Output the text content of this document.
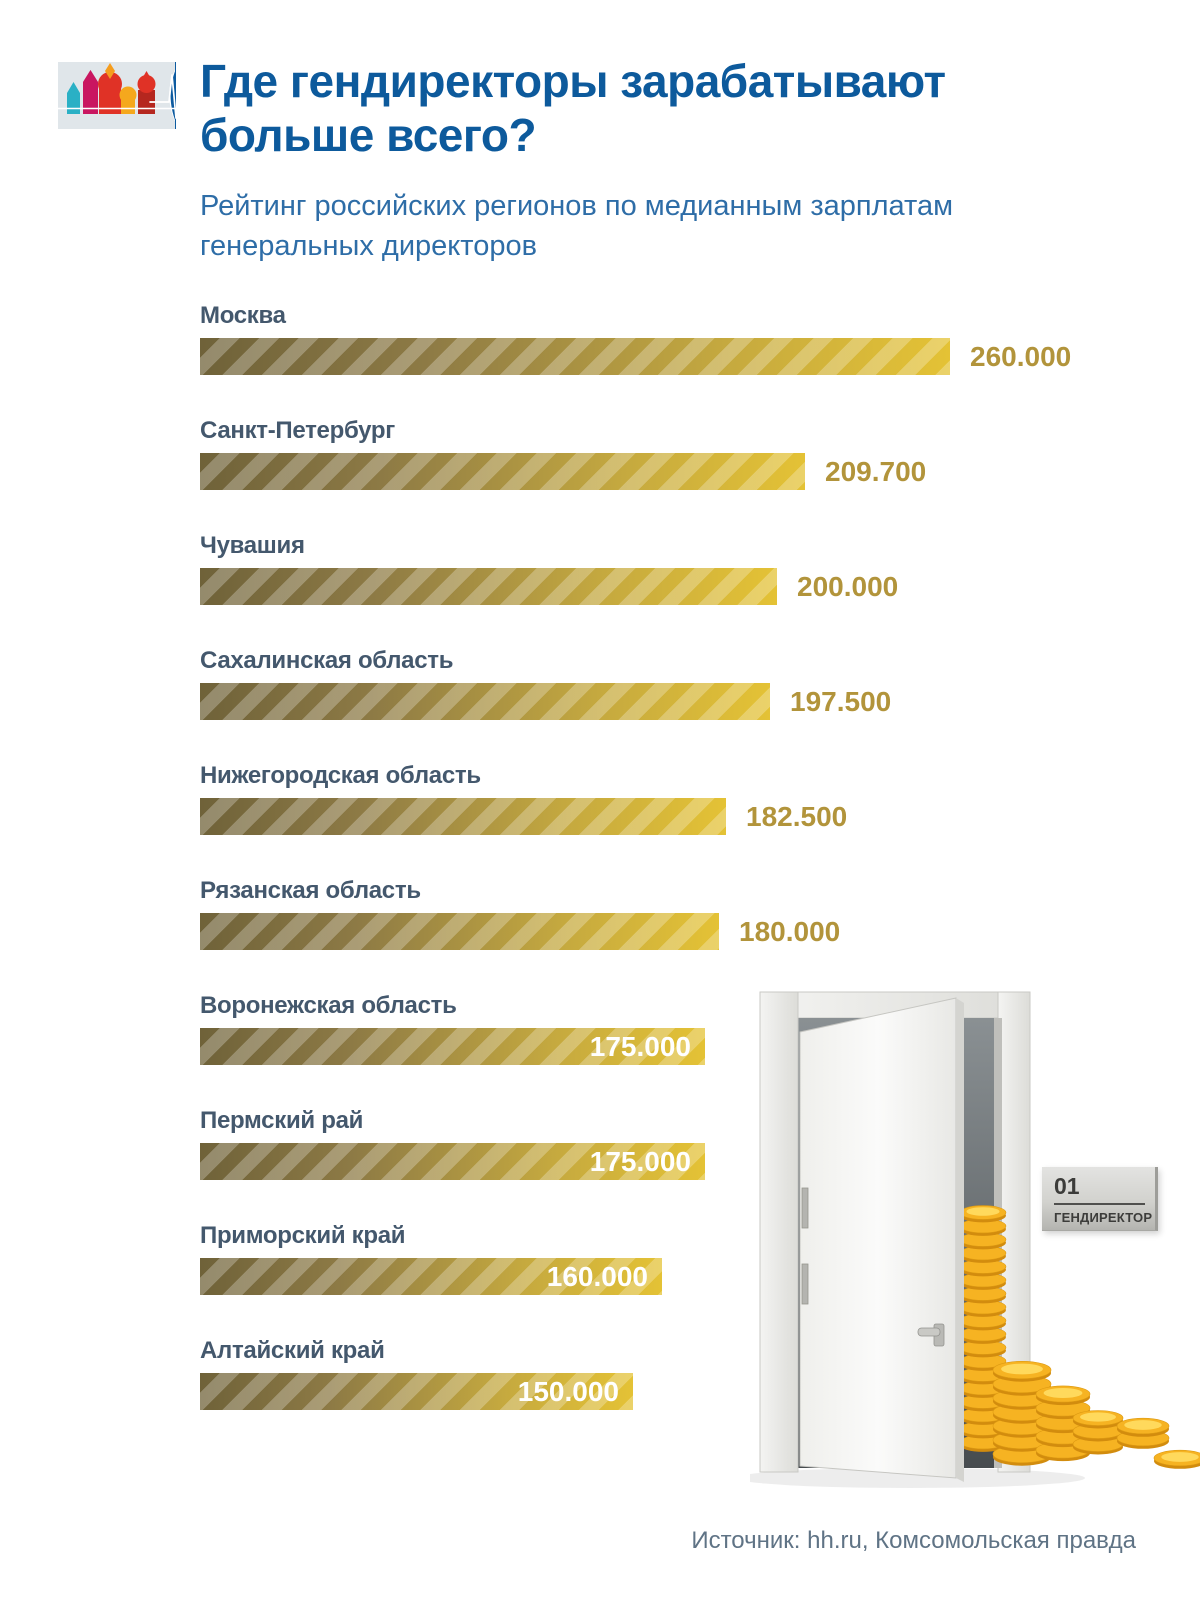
Где гендиректоры зарабатывают
больше всего?
Рейтинг российских регионов по медианным зарплатам генеральных директоров
Москва
260.000
Санкт-Петербург
209.700
Чувашия
200.000
Сахалинская область
197.500
Нижегородская область
182.500
Рязанская область
180.000
Воронежская область
175.000
Пермский рай
175.000
Приморский край
160.000
Алтайский край
150.000
01
ГЕНДИРЕКТОР
Источник: hh.ru, Комсомольская правда
